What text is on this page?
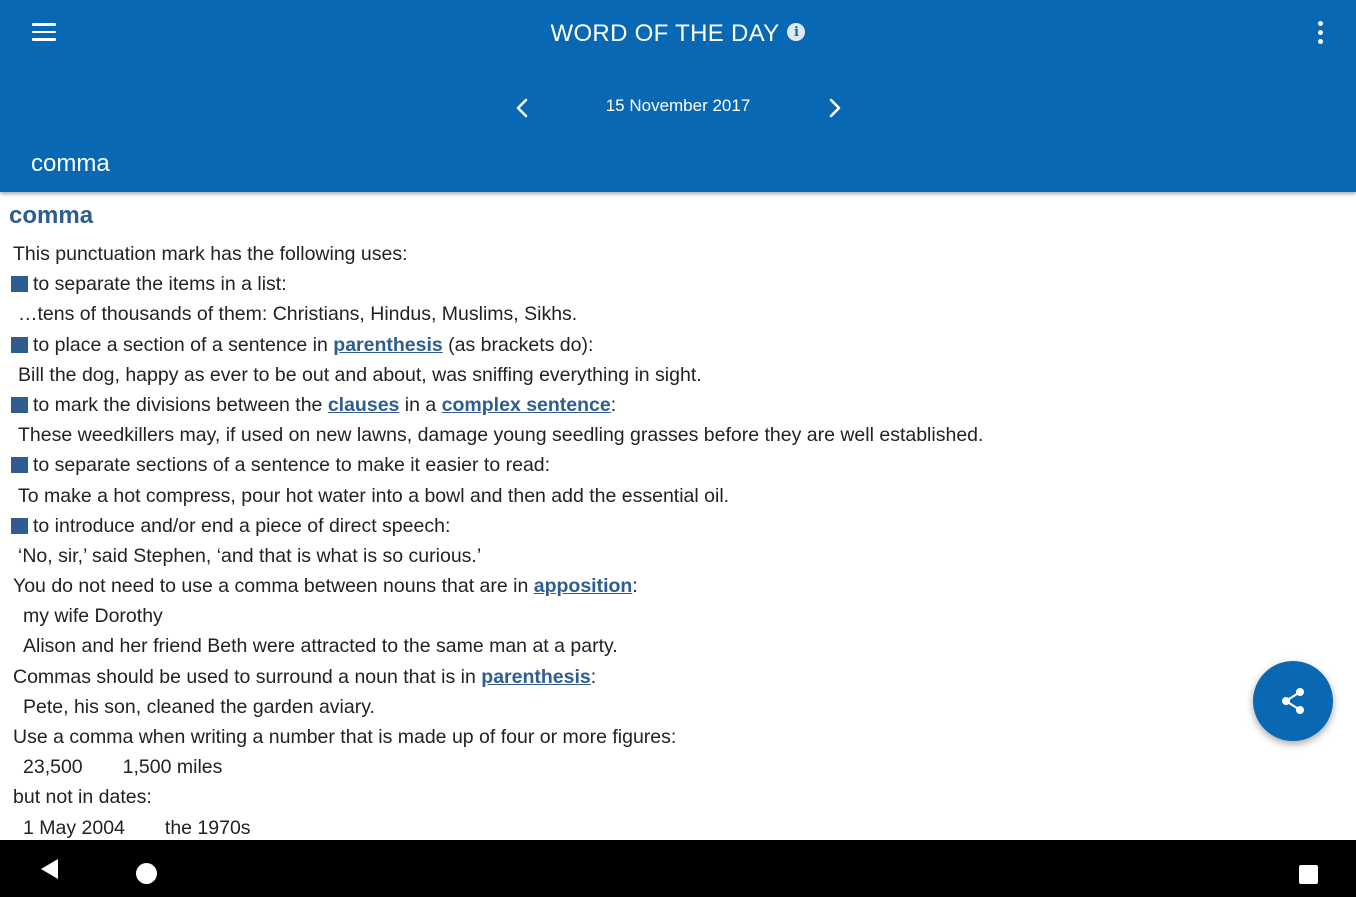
WORD OF THE DAY	i
15 November 2017
comma
comma
This punctuation mark has the following uses:
to separate the items in a list:
…tens of thousands of them: Christians, Hindus, Muslims, Sikhs.
to place a section of a sentence in parenthesis (as brackets do):
Bill the dog, happy as ever to be out and about, was sniffing everything in sight.
to mark the divisions between the clauses in a complex sentence:
These weedkillers may, if used on new lawns, damage young seedling grasses before they are well established.
to separate sections of a sentence to make it easier to read:
To make a hot compress, pour hot water into a bowl and then add the essential oil.
to introduce and/or end a piece of direct speech:
‘No, sir,’ said Stephen, ‘and that is what is so curious.’
You do not need to use a comma between nouns that are in apposition:
my wife Dorothy
Alison and her friend Beth were attracted to the same man at a party.
Commas should be used to surround a noun that is in parenthesis:
Pete, his son, cleaned the garden aviary.
Use a comma when writing a number that is made up of four or more figures:
23,500 1,500 miles
but not in dates:
1 May 2004 the 1970s
